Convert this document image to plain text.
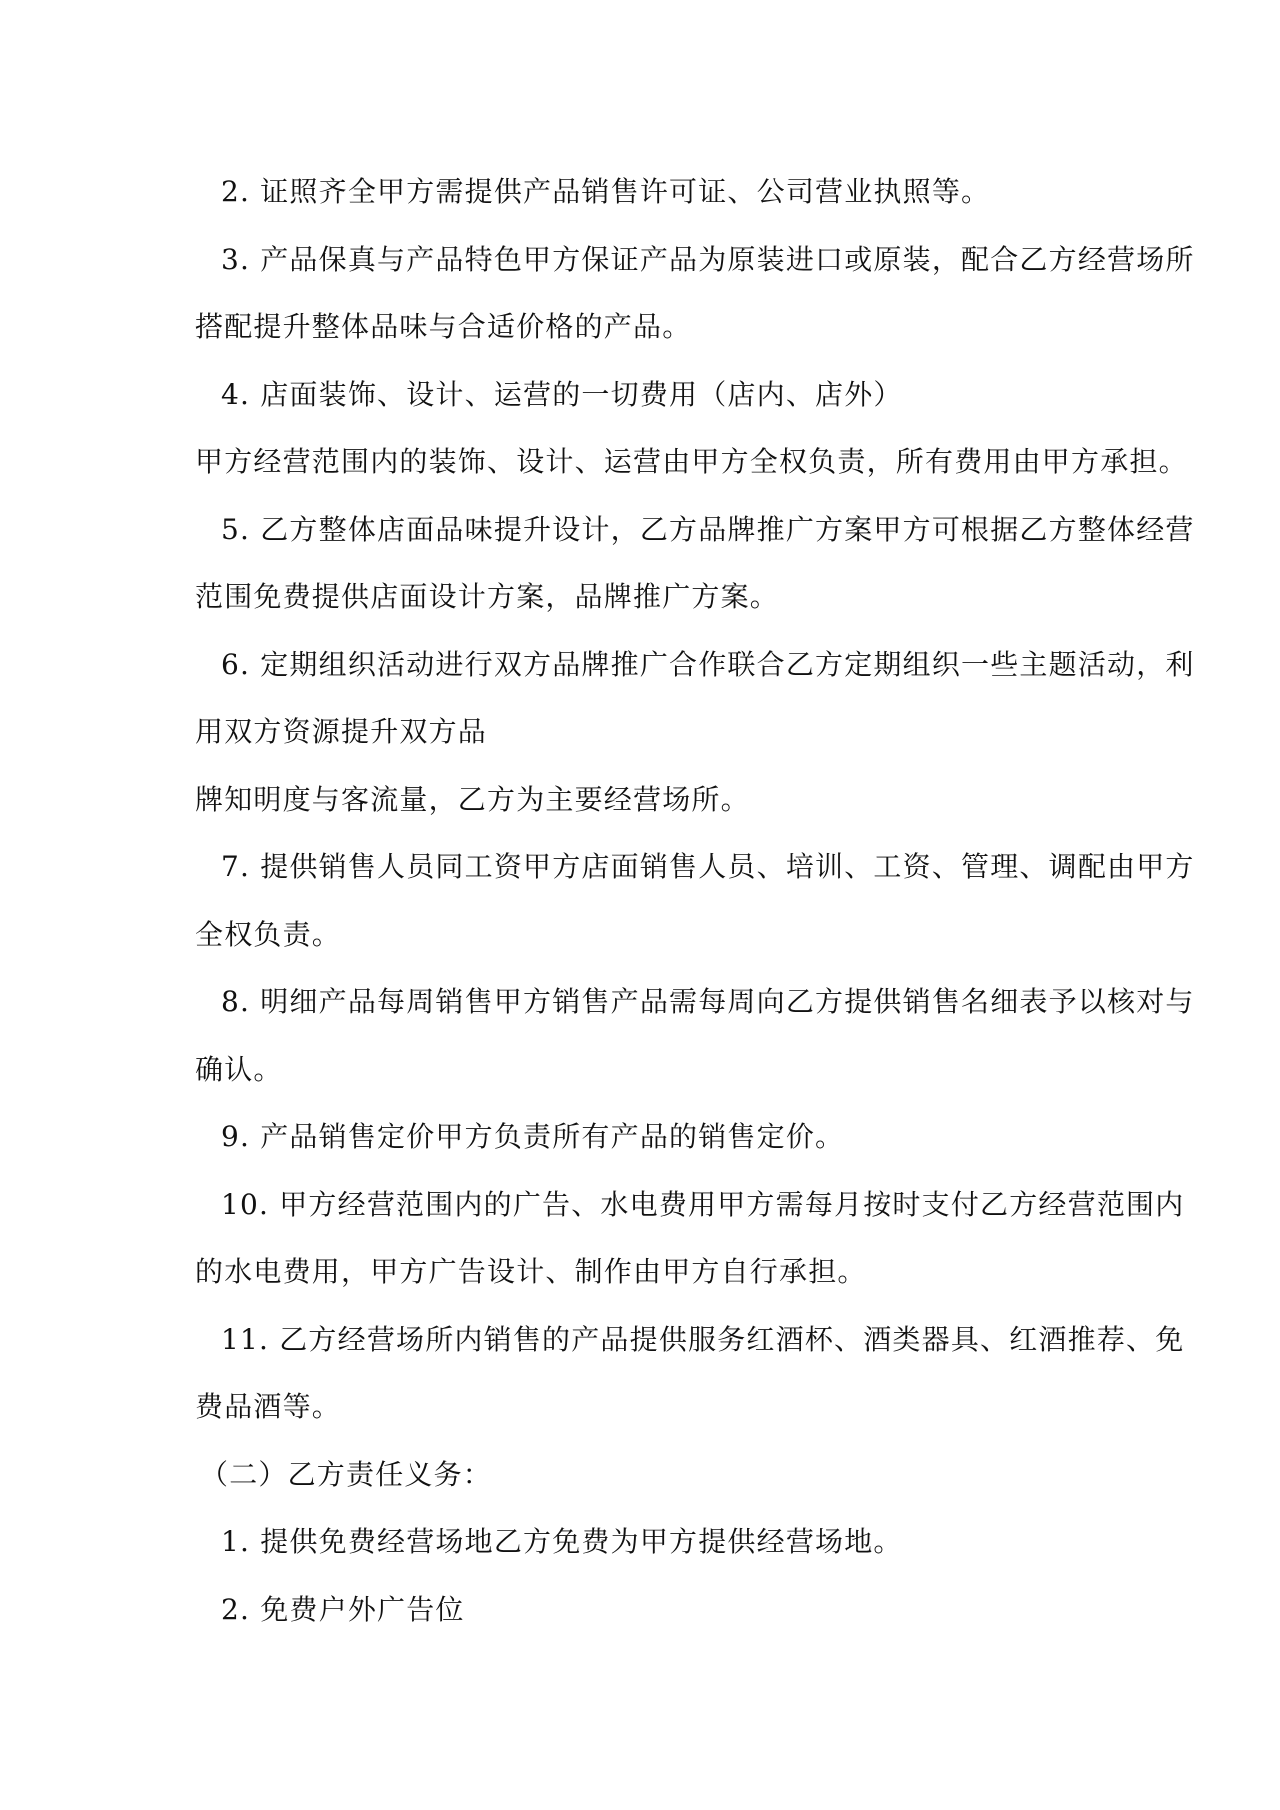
2. 证照齐全甲方需提供产品销售许可证、公司营业执照等。
3. 产品保真与产品特色甲方保证产品为原装进口或原装，配合乙方经营场所
搭配提升整体品味与合适价格的产品。
4. 店面装饰、设计、运营的一切费用（店内、店外）
甲方经营范围内的装饰、设计、运营由甲方全权负责，所有费用由甲方承担。
5. 乙方整体店面品味提升设计，乙方品牌推广方案甲方可根据乙方整体经营
范围免费提供店面设计方案，品牌推广方案。
6. 定期组织活动进行双方品牌推广合作联合乙方定期组织一些主题活动，利
用双方资源提升双方品
牌知明度与客流量，乙方为主要经营场所。
7. 提供销售人员同工资甲方店面销售人员、培训、工资、管理、调配由甲方
全权负责。
8. 明细产品每周销售甲方销售产品需每周向乙方提供销售名细表予以核对与
确认。
9. 产品销售定价甲方负责所有产品的销售定价。
10. 甲方经营范围内的广告、水电费用甲方需每月按时支付乙方经营范围内
的水电费用，甲方广告设计、制作由甲方自行承担。
11. 乙方经营场所内销售的产品提供服务红酒杯、酒类器具、红酒推荐、免
费品酒等。
（二）乙方责任义务：
1. 提供免费经营场地乙方免费为甲方提供经营场地。
2. 免费户外广告位
